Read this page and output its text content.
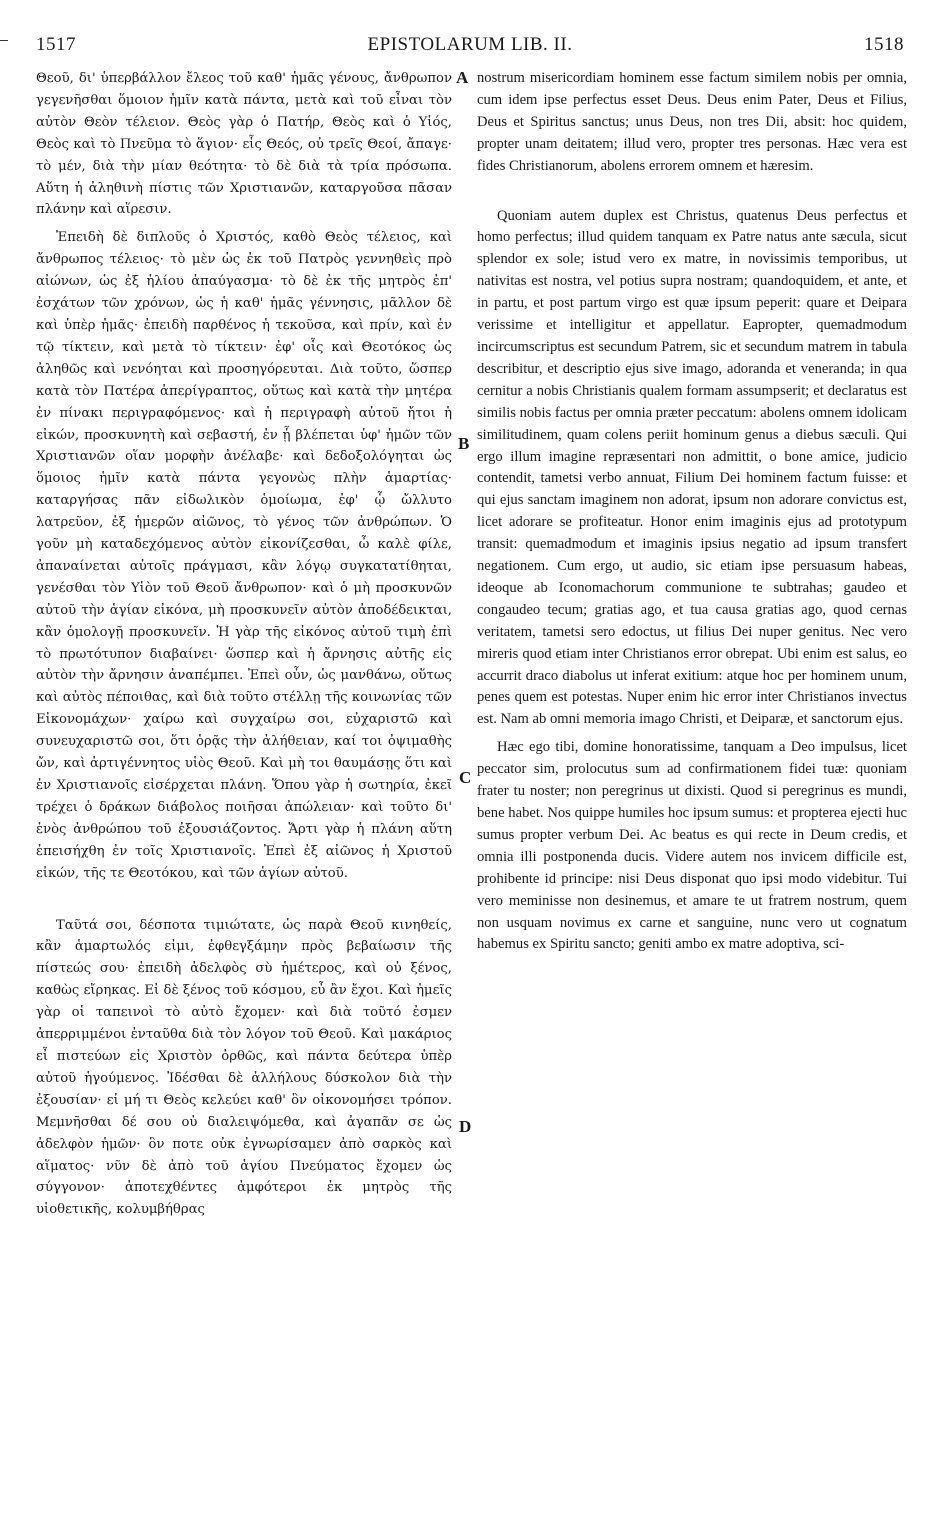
1517	EPISTOLARUM LIB. II.	1518

Θεοῦ, δι' ὑπερβάλλον ἔλεος τοῦ καθ' ἡμᾶς γένους, ἄνθρωπον γεγενῆσθαι ὅμοιον ἡμῖν κατὰ πάντα, μετὰ καὶ τοῦ εἶναι τὸν αὐτὸν Θεὸν τέλειον. Θεὸς γὰρ ὁ Πατήρ, Θεὸς καὶ ὁ Υἱός, Θεὸς καὶ τὸ Πνεῦμα τὸ ἅγιον· εἷς Θεός, οὐ τρεῖς Θεοί, ἄπαγε· τὸ μέν, διὰ τὴν μίαν θεότητα· τὸ δὲ διὰ τὰ τρία πρόσωπα. Αὕτη ἡ ἀληθινὴ πίστις τῶν Χριστιανῶν, καταργοῦσα πᾶσαν πλάνην καὶ αἵρεσιν.

Ἐπειδὴ δὲ διπλοῦς ὁ Χριστός, καθὸ Θεὸς τέλειος, καὶ ἄνθρωπος τέλειος· τὸ μὲν ὡς ἐκ τοῦ Πατρὸς γεννηθεὶς πρὸ αἰώνων, ὡς ἐξ ἡλίου ἀπαύγασμα· τὸ δὲ ἐκ τῆς μητρὸς ἐπ' ἐσχάτων τῶν χρόνων, ὡς ἡ καθ' ἡμᾶς γέννησις, μᾶλλον δὲ καὶ ὑπὲρ ἡμᾶς· ἐπειδὴ παρθένος ἡ τεκοῦσα, καὶ πρίν, καὶ ἐν τῷ τίκτειν, καὶ μετὰ τὸ τίκτειν· ἐφ' οἷς καὶ Θεοτόκος ὡς ἀληθῶς καὶ νενόηται καὶ προσηγόρευται. Διὰ τοῦτο, ὥσπερ κατὰ τὸν Πατέρα ἀπερίγραπτος, οὕτως καὶ κατὰ τὴν μητέρα ἐν πίνακι περιγραφόμενος· καὶ ἡ περιγραφὴ αὐτοῦ ἤτοι ἡ εἰκών, προσκυνητὴ καὶ σεβαστή, ἐν ᾗ βλέπεται ὑφ' ἡμῶν τῶν Χριστιανῶν οἵαν μορφὴν ἀνέλαβε· καὶ δεδοξολόγηται ὡς ὅμοιος ἡμῖν κατὰ πάντα γεγονὼς πλὴν ἁμαρτίας· καταργήσας πᾶν εἰδωλικὸν ὁμοίωμα, ἐφ' ᾧ ὤλλυτο λατρεῦον, ἐξ ἡμερῶν αἰῶνος, τὸ γένος τῶν ἀνθρώπων. Ὁ γοῦν μὴ καταδεχόμενος αὐτὸν εἰκονίζεσθαι, ὦ καλὲ φίλε, ἀπαναίνεται αὐτοῖς πράγμασι, κἂν λόγῳ συγκατατίθηται, γενέσθαι τὸν Υἱὸν τοῦ Θεοῦ ἄνθρωπον· καὶ ὁ μὴ προσκυνῶν αὐτοῦ τὴν ἁγίαν εἰκόνα, μὴ προσκυνεῖν αὐτὸν ἀποδέδεικται, κἂν ὁμολογῇ προσκυνεῖν. Ἡ γὰρ τῆς εἰκόνος αὐτοῦ τιμὴ ἐπὶ τὸ πρωτότυπον διαβαίνει· ὥσπερ καὶ ἡ ἄρνησις αὐτῆς εἰς αὐτὸν τὴν ἄρνησιν ἀναπέμπει. Ἐπεὶ οὖν, ὡς μανθάνω, οὕτως καὶ αὐτὸς πέποιθας, καὶ διὰ τοῦτο στέλλῃ τῆς κοινωνίας τῶν Εἰκονομάχων· χαίρω καὶ συγχαίρω σοι, εὐχαριστῶ καὶ συνευχαριστῶ σοι, ὅτι ὁρᾷς τὴν ἀλήθειαν, καί τοι ὀψιμαθὴς ὤν, καὶ ἀρτιγέννητος υἱὸς Θεοῦ. Καὶ μὴ τοι θαυμάσῃς ὅτι καὶ ἐν Χριστιανοῖς εἰσέρχεται πλάνη. Ὅπου γὰρ ἡ σωτηρία, ἐκεῖ τρέχει ὁ δράκων διάβολος ποιῆσαι ἀπώλειαν· καὶ τοῦτο δι' ἑνὸς ἀνθρώπου τοῦ ἐξουσιάζοντος. Ἄρτι γὰρ ἡ πλάνη αὕτη ἐπεισήχθη ἐν τοῖς Χριστιανοῖς. Ἐπεὶ ἐξ αἰῶνος ἡ Χριστοῦ εἰκών, τῆς τε Θεοτόκου, καὶ τῶν ἁγίων αὐτοῦ.

Ταῦτά σοι, δέσποτα τιμιώτατε, ὡς παρὰ Θεοῦ κινηθείς, κἂν ἁμαρτωλός εἰμι, ἐφθεγξάμην πρὸς βεβαίωσιν τῆς πίστεώς σου· ἐπειδὴ ἀδελφὸς σὺ ἡμέτερος, καὶ οὐ ξένος, καθὼς εἴρηκας. Εἰ δὲ ξένος τοῦ κόσμου, εὖ ἂν ἔχοι. Καὶ ἡμεῖς γὰρ οἱ ταπεινοὶ τὸ αὐτὸ ἔχομεν· καὶ διὰ τοῦτό ἐσμεν ἀπερριμμένοι ἐνταῦθα διὰ τὸν λόγον τοῦ Θεοῦ. Καὶ μακάριος εἶ πιστεύων εἰς Χριστὸν ὀρθῶς, καὶ πάντα δεύτερα ὑπὲρ αὐτοῦ ἡγούμενος. Ἰδέσθαι δὲ ἀλλήλους δύσκολον διὰ τὴν ἐξουσίαν· εἰ μή τι Θεὸς κελεύει καθ' ὃν οἰκονομήσει τρόπον. Μεμνῆσθαι δέ σου οὐ διαλειψόμεθα, καὶ ἀγαπᾶν σε ὡς ἀδελφὸν ἡμῶν· ὃν ποτε οὐκ ἐγνωρίσαμεν ἀπὸ σαρκὸς καὶ αἵματος· νῦν δὲ ἀπὸ τοῦ ἁγίου Πνεύματος ἔχομεν ὡς σύγγονον· ἀποτεχθέντες ἀμφότεροι ἐκ μητρὸς τῆς υἱοθετικῆς, κολυμβήθρας

A
B
C
D

nostrum misericordiam hominem esse factum similem nobis per omnia, cum idem ipse perfectus esset Deus. Deus enim Pater, Deus et Filius, Deus et Spiritus sanctus; unus Deus, non tres Dii, absit: hoc quidem, propter unam deitatem; illud vero, propter tres personas. Hæc vera est fides Christianorum, abolens errorem omnem et hæresim.

Quoniam autem duplex est Christus, quatenus Deus perfectus et homo perfectus; illud quidem tanquam ex Patre natus ante sæcula, sicut splendor ex sole; istud vero ex matre, in novissimis temporibus, ut nativitas est nostra, vel potius supra nostram; quandoquidem, et ante, et in partu, et post partum virgo est quæ ipsum peperit: quare et Deipara verissime et intelligitur et appellatur. Eapropter, quemadmodum incircumscriptus est secundum Patrem, sic et secundum matrem in tabula describitur, et descriptio ejus sive imago, adoranda et veneranda; in qua cernitur a nobis Christianis qualem formam assumpserit; et declaratus est similis nobis factus per omnia præter peccatum: abolens omnem idolicam similitudinem, quam colens periit hominum genus a diebus sæculi. Qui ergo illum imagine repræsentari non admittit, o bone amice, judicio contendit, tametsi verbo annuat, Filium Dei hominem factum fuisse: et qui ejus sanctam imaginem non adorat, ipsum non adorare convictus est, licet adorare se profiteatur. Honor enim imaginis ejus ad prototypum transit: quemadmodum et imaginis ipsius negatio ad ipsum transfert negationem. Cum ergo, ut audio, sic etiam ipse persuasum habeas, ideoque ab Iconomachorum communione te subtrahas; gaudeo et congaudeo tecum; gratias ago, et tua causa gratias ago, quod cernas veritatem, tametsi sero edoctus, ut filius Dei nuper genitus. Nec vero mireris quod etiam inter Christianos error obrepat. Ubi enim est salus, eo accurrit draco diabolus ut inferat exitium: atque hoc per hominem unum, penes quem est potestas. Nuper enim hic error inter Christianos invectus est. Nam ab omni memoria imago Christi, et Deiparæ, et sanctorum ejus.

Hæc ego tibi, domine honoratissime, tanquam a Deo impulsus, licet peccator sim, prolocutus sum ad confirmationem fidei tuæ: quoniam frater tu noster; non peregrinus ut dixisti. Quod si peregrinus es mundi, bene habet. Nos quippe humiles hoc ipsum sumus: et propterea ejecti huc sumus propter verbum Dei. Ac beatus es qui recte in Deum credis, et omnia illi postponenda ducis. Videre autem nos invicem difficile est, prohibente id principe: nisi Deus disponat quo ipsi modo videbitur. Tui vero meminisse non desinemus, et amare te ut fratrem nostrum, quem non usquam novimus ex carne et sanguine, nunc vero ut cognatum habemus ex Spiritu sancto; geniti ambo ex matre adoptiva, sci-
